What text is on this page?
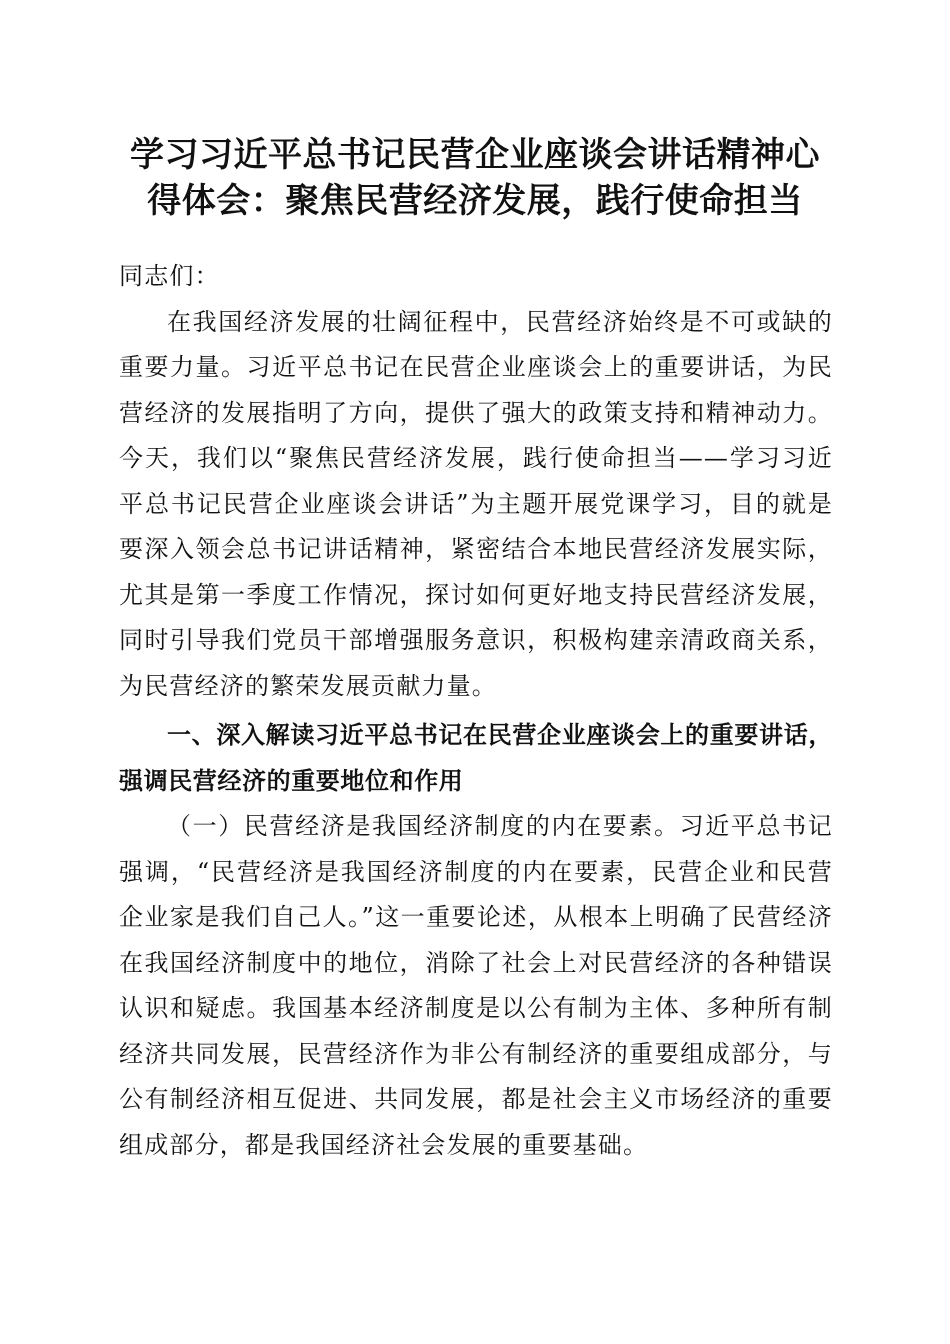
学习习近平总书记民营企业座谈会讲话精神心
得体会：聚焦民营经济发展，践行使命担当

同志们：

在我国经济发展的壮阔征程中，民营经济始终是不可或缺的重要力量。习近平总书记在民营企业座谈会上的重要讲话，为民营经济的发展指明了方向，提供了强大的政策支持和精神动力。今天，我们以“聚焦民营经济发展，践行使命担当——学习习近平总书记民营企业座谈会讲话”为主题开展党课学习，目的就是要深入领会总书记讲话精神，紧密结合本地民营经济发展实际，尤其是第一季度工作情况，探讨如何更好地支持民营经济发展，同时引导我们党员干部增强服务意识，积极构建亲清政商关系，为民营经济的繁荣发展贡献力量。

一、深入解读习近平总书记在民营企业座谈会上的重要讲话，强调民营经济的重要地位和作用

（一）民营经济是我国经济制度的内在要素。习近平总书记强调，“民营经济是我国经济制度的内在要素，民营企业和民营企业家是我们自己人。”这一重要论述，从根本上明确了民营经济在我国经济制度中的地位，消除了社会上对民营经济的各种错误认识和疑虑。我国基本经济制度是以公有制为主体、多种所有制经济共同发展，民营经济作为非公有制经济的重要组成部分，与公有制经济相互促进、共同发展，都是社会主义市场经济的重要组成部分，都是我国经济社会发展的重要基础。
